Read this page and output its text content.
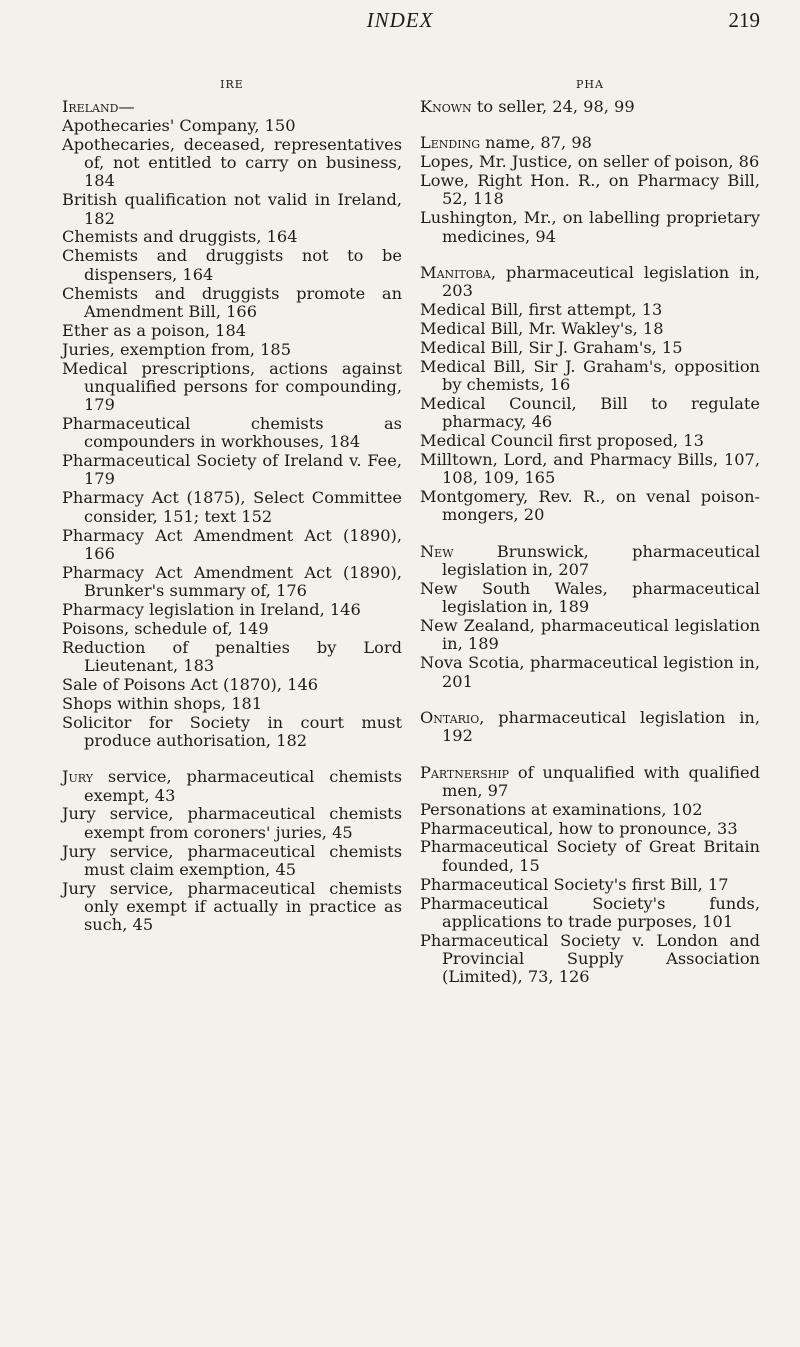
INDEX	219
IRE
Ireland—
Apothecaries' Company, 150
Apothecaries, deceased, representatives of, not entitled to carry on business, 184
British qualification not valid in Ireland, 182
Chemists and druggists, 164
Chemists and druggists not to be dispensers, 164
Chemists and druggists promote an Amendment Bill, 166
Ether as a poison, 184
Juries, exemption from, 185
Medical prescriptions, actions against unqualified persons for compounding, 179
Pharmaceutical chemists as compounders in workhouses, 184
Pharmaceutical Society of Ireland v. Fee, 179
Pharmacy Act (1875), Select Committee consider, 151; text 152
Pharmacy Act Amendment Act (1890), 166
Pharmacy Act Amendment Act (1890), Brunker's summary of, 176
Pharmacy legislation in Ireland, 146
Poisons, schedule of, 149
Reduction of penalties by Lord Lieutenant, 183
Sale of Poisons Act (1870), 146
Shops within shops, 181
Solicitor for Society in court must produce authorisation, 182
Jury service, pharmaceutical chemists exempt, 43
Jury service, pharmaceutical chemists exempt from coroners' juries, 45
Jury service, pharmaceutical chemists must claim exemption, 45
Jury service, pharmaceutical chemists only exempt if actually in practice as such, 45
PHA
Known to seller, 24, 98, 99
Lending name, 87, 98
Lopes, Mr. Justice, on seller of poison, 86
Lowe, Right Hon. R., on Pharmacy Bill, 52, 118
Lushington, Mr., on labelling proprietary medicines, 94
Manitoba, pharmaceutical legislation in, 203
Medical Bill, first attempt, 13
Medical Bill, Mr. Wakley's, 18
Medical Bill, Sir J. Graham's, 15
Medical Bill, Sir J. Graham's, opposition by chemists, 16
Medical Council, Bill to regulate pharmacy, 46
Medical Council first proposed, 13
Milltown, Lord, and Pharmacy Bills, 107, 108, 109, 165
Montgomery, Rev. R., on venal poison-mongers, 20
New Brunswick, pharmaceutical legislation in, 207
New South Wales, pharmaceutical legislation in, 189
New Zealand, pharmaceutical legislation in, 189
Nova Scotia, pharmaceutical legistion in, 201
Ontario, pharmaceutical legislation in, 192
Partnership of unqualified with qualified men, 97
Personations at examinations, 102
Pharmaceutical, how to pronounce, 33
Pharmaceutical Society of Great Britain founded, 15
Pharmaceutical Society's first Bill, 17
Pharmaceutical Society's funds, applications to trade purposes, 101
Pharmaceutical Society v. London and Provincial Supply Association (Limited), 73, 126
